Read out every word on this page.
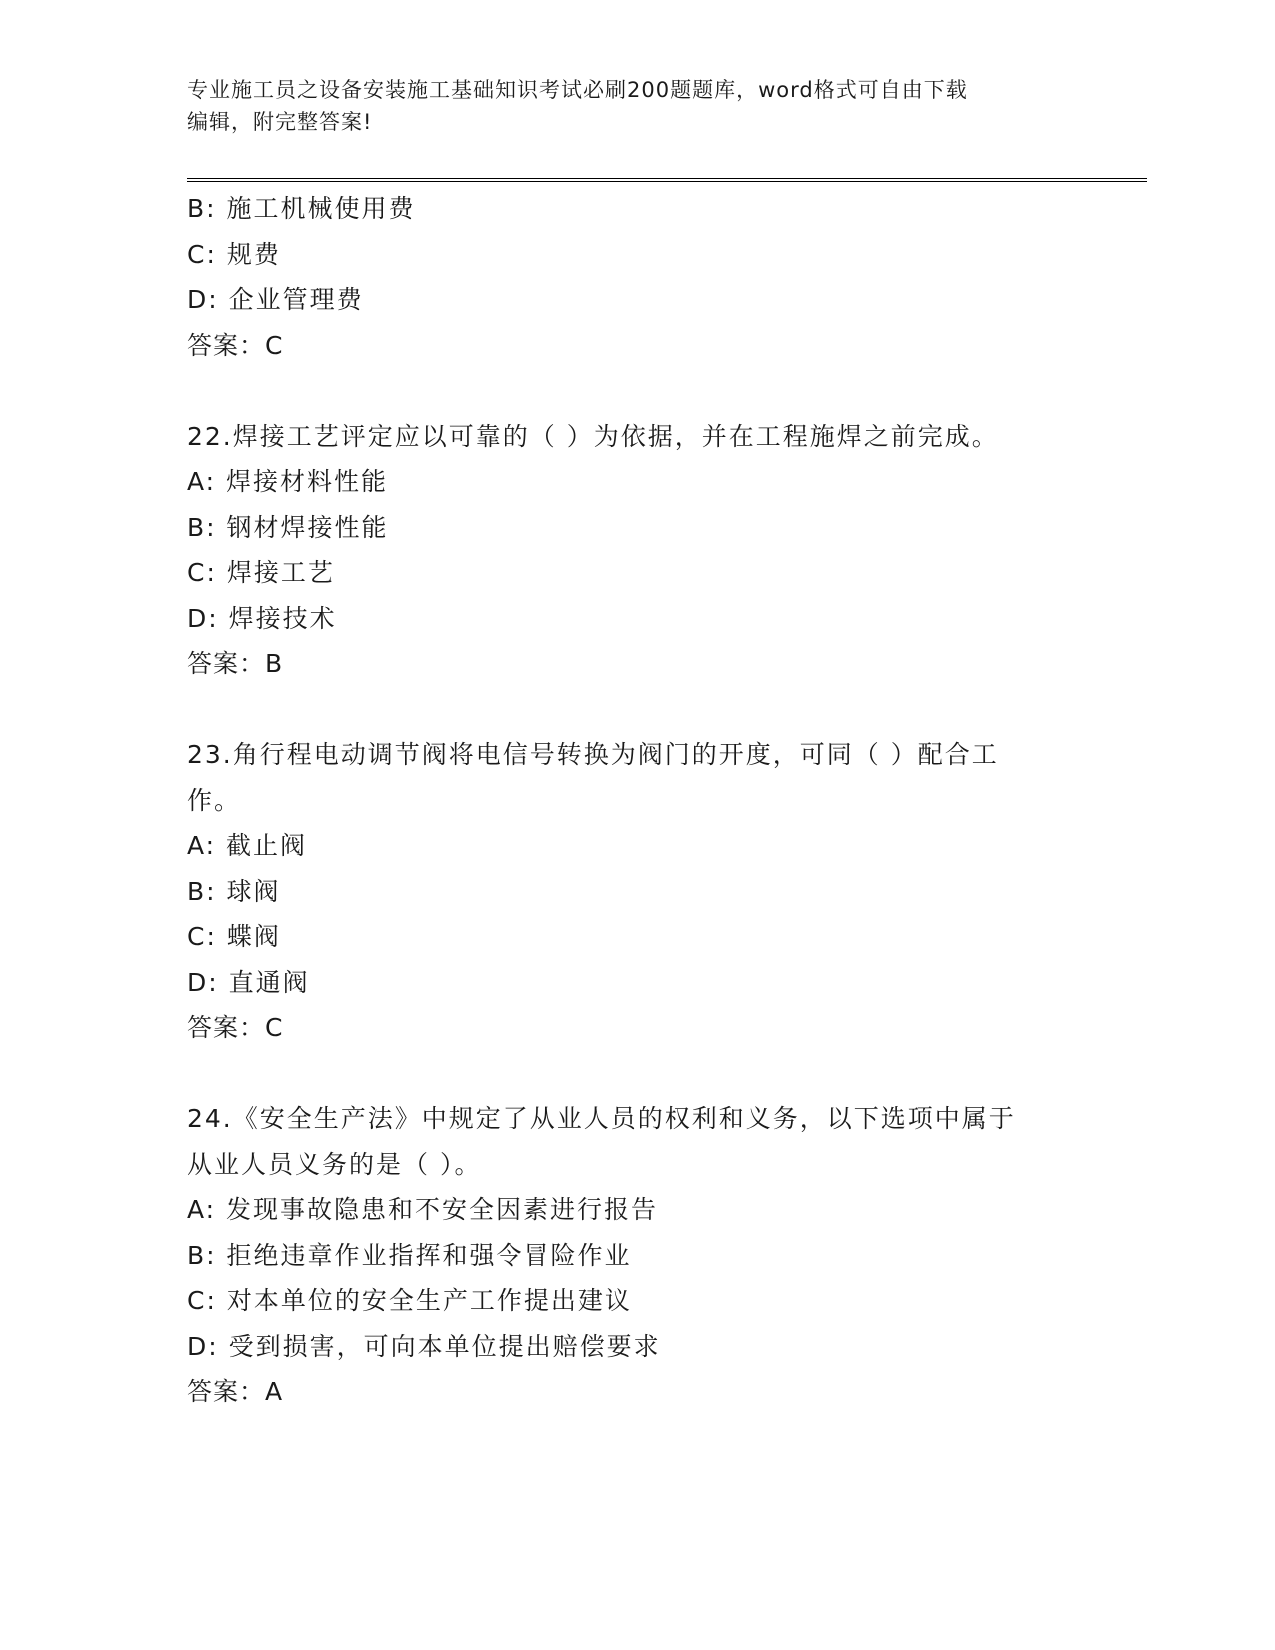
专业施工员之设备安装施工基础知识考试必刷200题题库，word格式可自由下载
编辑，附完整答案!
B: 施工机械使用费
C: 规费
D: 企业管理费
答案：C
22.焊接工艺评定应以可靠的（ ）为依据，并在工程施焊之前完成。
A: 焊接材料性能
B: 钢材焊接性能
C: 焊接工艺
D: 焊接技术
答案：B
23.角行程电动调节阀将电信号转换为阀门的开度，可同（ ）配合工
作。
A: 截止阀
B: 球阀
C: 蝶阀
D: 直通阀
答案：C
24.《安全生产法》中规定了从业人员的权利和义务，以下选项中属于
从业人员义务的是（ ）。
A: 发现事故隐患和不安全因素进行报告
B: 拒绝违章作业指挥和强令冒险作业
C: 对本单位的安全生产工作提出建议
D: 受到损害，可向本单位提出赔偿要求
答案：A
